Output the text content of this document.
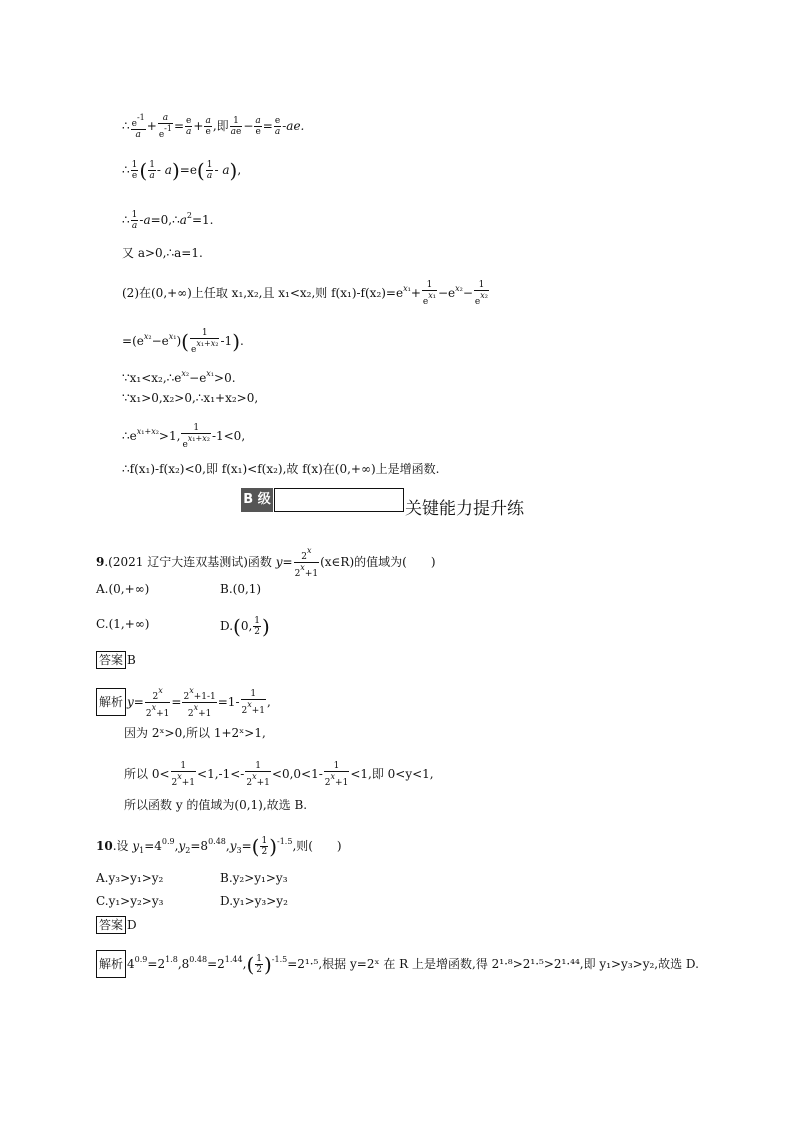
∴ $\frac{e-1}{a} + \frac{a}{e-1} = \frac{e}{a} + \frac{a}{e}$ ,即 $\frac{1}{ae} - \frac{a}{e} = \frac{e}{a} -ae$.
∴ $\frac{1}{e}$ ( $\frac{1}{a} - a)=e( \frac{1}{a} - a)$,
∴ $\frac{1}{a}$ $-a=0,\therefore a^2=1$.
又 a>0,∴a=1.
(2)在(0,+∞)上任取 x₁,x₂,且 x₁<x₂,则 $f(x_1)-f(x_2)=e^{x_1}+ \frac{1}{\text{ex₁}} -e^{x_2}- \frac{1}{\text{ex₂}}$
$=(e^{x_2}-e^{x_1})( \frac{1}{\text{ex₁+x₂}} -1)$.
$\because x_1<x_2,\therefore e^{x_2}-e^{x_1}>0$.
∵x₁>0,x₂>0,∴x₁+x₂>0,
$\therefore e^{x_1+x_2}>1$, $\frac{1}{\text{ex₁+x₂}} -1<0$,
∴f(x₁)-f(x₂)<0,即 f(x₁)<f(x₂),故 f(x)在(0,+∞)上是增函数.
B 级	关键能力提升练
9.(2021 辽宁大连双基测试)函数 $y= \frac{2x}{2x+1}$ (x∈R)的值域为(　　)
A.(0,+∞)	B.(0,1)
C.(1,+∞)	D.(0, $\frac{1}{2}$ )
答案 B
解析 $y= \frac{2x}{2x+1} = \frac{2x+1-1}{2x+1} =1- \frac{1}{2x+1}$ ,
因为 2ˣ>0,所以 1+2ˣ>1,
所以 $0< \frac{1}{2x+1} <1,-1<- \frac{1}{2x+1} <0,0<1- \frac{1}{2x+1} <1$,即 0<y<1,
所以函数 y 的值域为(0,1),故选 B.
10.设 $y_1=4^{0.9},y_2=8^{0.48},y_3=( \frac{1}{2} )^{-1.5}$,则(　　)
A.y₃>y₁>y₂	B.y₂>y₁>y₃
C.y₁>y₂>y₃	D.y₁>y₃>y₂
答案 D
解析 $4^{0.9}=2^{1.8},8^{0.48}=2^{1.44},( \frac{1}{2} )^{-1.5}=2^1\cdot^5$,根据 y=2ˣ 在 R 上是增函数,得 2¹·⁸>2¹·⁵>2¹·⁴⁴,即 y₁>y₃>y₂,故选 D.
